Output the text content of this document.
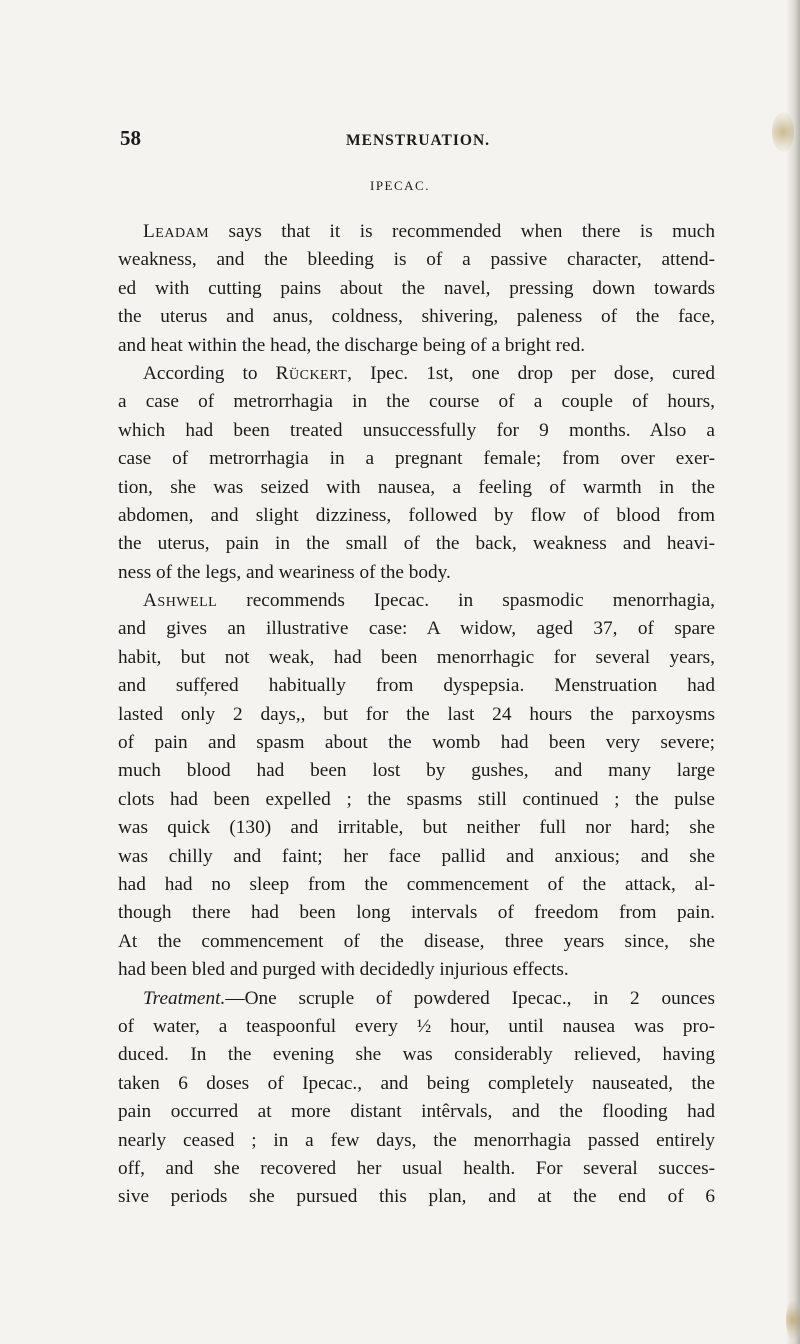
58	MENSTRUATION.
IPECAC.
Leadam says that it is recommended when there is much
weakness, and the bleeding is of a passive character, attend-
ed with cutting pains about the navel, pressing down towards
the uterus and anus, coldness, shivering, paleness of the face,
and heat within the head, the discharge being of a bright red.
According to Rückert, Ipec. 1st, one drop per dose, cured
a case of metrorrhagia in the course of a couple of hours,
which had been treated unsuccessfully for 9 months. Also a
case of metrorrhagia in a pregnant female; from over exer-
tion, she was seized with nausea, a feeling of warmth in the
abdomen, and slight dizziness, followed by flow of blood from
the uterus, pain in the small of the back, weakness and heavi-
ness of the legs, and weariness of the body.
Ashwell recommends Ipecac. in spasmodic menorrhagia,
and gives an illustrative case: A widow, aged 37, of spare
habit, but not weak, had been menorrhagic for several years,
and suff̦ered habitually from dyspepsia. Menstruation had
lasted only 2 days,, but for the last 24 hours the parxoysms
of pain and spasm about the womb had been very severe;
much blood had been lost by gushes, and many large
clots had been expelled ; the spasms still continued ; the pulse
was quick (130) and irritable, but neither full nor hard; she
was chilly and faint; her face pallid and anxious; and she
had had no sleep from the commencement of the attack, al-
though there had been long intervals of freedom from pain.
At the commencement of the disease, three years since, she
had been bled and purged with decidedly injurious effects.
Treatment.—One scruple of powdered Ipecac., in 2 ounces
of water, a teaspoonful every ½ hour, until nausea was pro-
duced. In the evening she was considerably relieved, having
taken 6 doses of Ipecac., and being completely nauseated, the
pain occurred at more distant intêrvals, and the flooding had
nearly ceased ; in a few days, the menorrhagia passed entirely
off, and she recovered her usual health. For several succes-
sive periods she pursued this plan, and at the end of 6
